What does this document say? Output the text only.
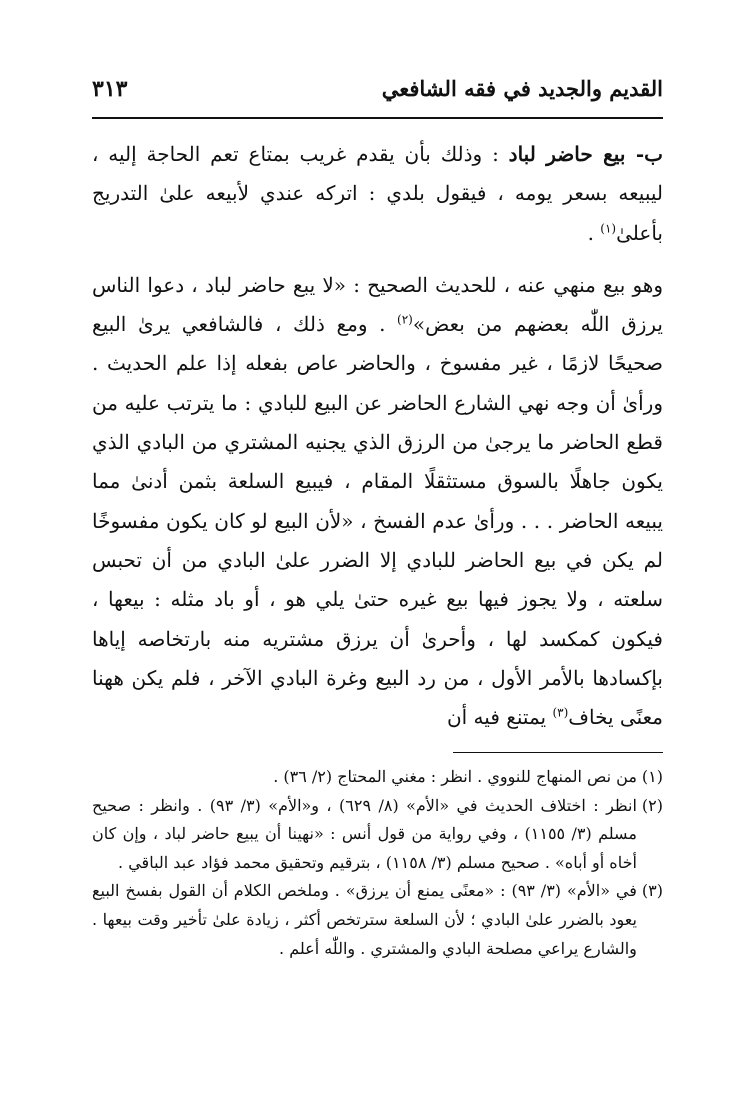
القديم والجديد في فقه الشافعي
٣١٣

ب- بيع حاضر لباد : وذلك بأن يقدم غريب بمتاع تعم الحاجة إليه ، ليبيعه بسعر يومه ، فيقول بلدي : اتركه عندي لأبيعه علىٰ التدريج بأعلىٰ$^{(١)}$ .

وهو بيع منهي عنه ، للحديث الصحيح : «لا يبع حاضر لباد ، دعوا الناس يرزق اللّٰه بعضهم من بعض»$^{(٢)}$ . ومع ذلك ، فالشافعي يرىٰ البيع صحيحًا لازمًا ، غير مفسوخ ، والحاضر عاص بفعله إذا علم الحديث . ورأىٰ أن وجه نهي الشارع الحاضر عن البيع للبادي : ما يترتب عليه من قطع الحاضر ما يرجىٰ من الرزق الذي يجنيه المشتري من البادي الذي يكون جاهلًا بالسوق مستثقلًا المقام ، فيبيع السلعة بثمن أدنىٰ مما يبيعه الحاضر . . . ورأىٰ عدم الفسخ ، «لأن البيع لو كان يكون مفسوخًا لم يكن في بيع الحاضر للبادي إلا الضرر علىٰ البادي من أن تحبس سلعته ، ولا يجوز فيها بيع غيره حتىٰ يلي هو ، أو باد مثله : بيعها ، فيكون كمكسد لها ، وأحرىٰ أن يرزق مشتريه منه بارتخاصه إياها بإكسادها بالأمر الأول ، من رد البيع وغرة البادي الآخر ، فلم يكن ههنا معنًى يخاف$^{(٣)}$ يمتنع فيه أن

(١)
من نص المنهاج للنووي . انظر : مغني المحتاج (٢/ ٣٦) .

(٢)
انظر : اختلاف الحديث في «الأم» (٨/ ٦٢٩) ، و«الأم» (٣/ ٩٣) . وانظر : صحيح مسلم (٣/ ١١٥٥) ، وفي رواية من قول أنس : «نهينا أن يبيع حاضر لباد ، وإن كان أخاه أو أباه» . صحيح مسلم (٣/ ١١٥٨) ، بترقيم وتحقيق محمد فؤاد عبد الباقي .

(٣)
في «الأم» (٣/ ٩٣) : «معنًى يمنع أن يرزق» . وملخص الكلام أن القول بفسخ البيع يعود بالضرر علىٰ البادي ؛ لأن السلعة سترتخص أكثر ، زيادة علىٰ تأخير وقت بيعها . والشارع يراعي مصلحة البادي والمشتري . واللّٰه أعلم .
